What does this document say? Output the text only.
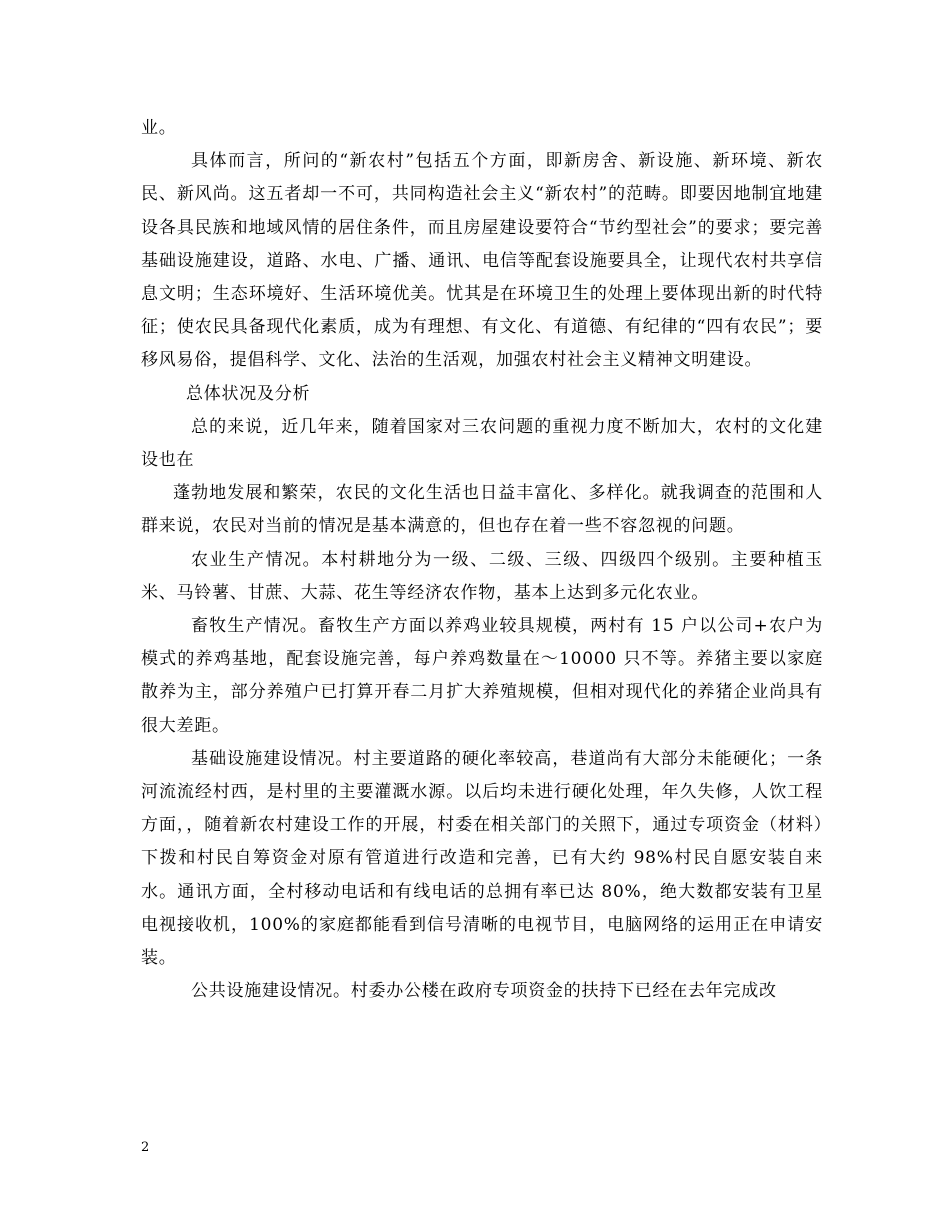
业。

具体而言，所问的“新农村”包括五个方面，即新房舍、新设施、新环境、新农民、新风尚。这五者却一不可，共同构造社会主义“新农村”的范畴。即要因地制宜地建设各具民族和地域风情的居住条件，而且房屋建设要符合“节约型社会”的要求；要完善基础设施建设，道路、水电、广播、通讯、电信等配套设施要具全，让现代农村共享信息文明；生态环境好、生活环境优美。忧其是在环境卫生的处理上要体现出新的时代特征；使农民具备现代化素质，成为有理想、有文化、有道德、有纪律的“四有农民”；要移风易俗，提倡科学、文化、法治的生活观，加强农村社会主义精神文明建设。

总体状况及分析

总的来说，近几年来，随着国家对三农问题的重视力度不断加大，农村的文化建设也在

蓬勃地发展和繁荣，农民的文化生活也日益丰富化、多样化。就我调查的范围和人群来说，农民对当前的情况是基本满意的，但也存在着一些不容忽视的问题。

农业生产情况。本村耕地分为一级、二级、三级、四级四个级别。主要种植玉米、马铃薯、甘蔗、大蒜、花生等经济农作物，基本上达到多元化农业。

畜牧生产情况。畜牧生产方面以养鸡业较具规模，两村有 15 户以公司+农户为模式的养鸡基地，配套设施完善，每户养鸡数量在～10000 只不等。养猪主要以家庭散养为主，部分养殖户已打算开春二月扩大养殖规模，但相对现代化的养猪企业尚具有很大差距。

基础设施建设情况。村主要道路的硬化率较高，巷道尚有大部分未能硬化；一条河流流经村西，是村里的主要灌溉水源。以后均未进行硬化处理，年久失修，人饮工程方面，，随着新农村建设工作的开展，村委在相关部门的关照下，通过专项资金（材料）下拨和村民自筹资金对原有管道进行改造和完善，已有大约 98%村民自愿安装自来水。通讯方面，全村移动电话和有线电话的总拥有率已达 80%，绝大数都安装有卫星电视接收机，100%的家庭都能看到信号清晰的电视节目，电脑网络的运用正在申请安装。

公共设施建设情况。村委办公楼在政府专项资金的扶持下已经在去年完成改

2
